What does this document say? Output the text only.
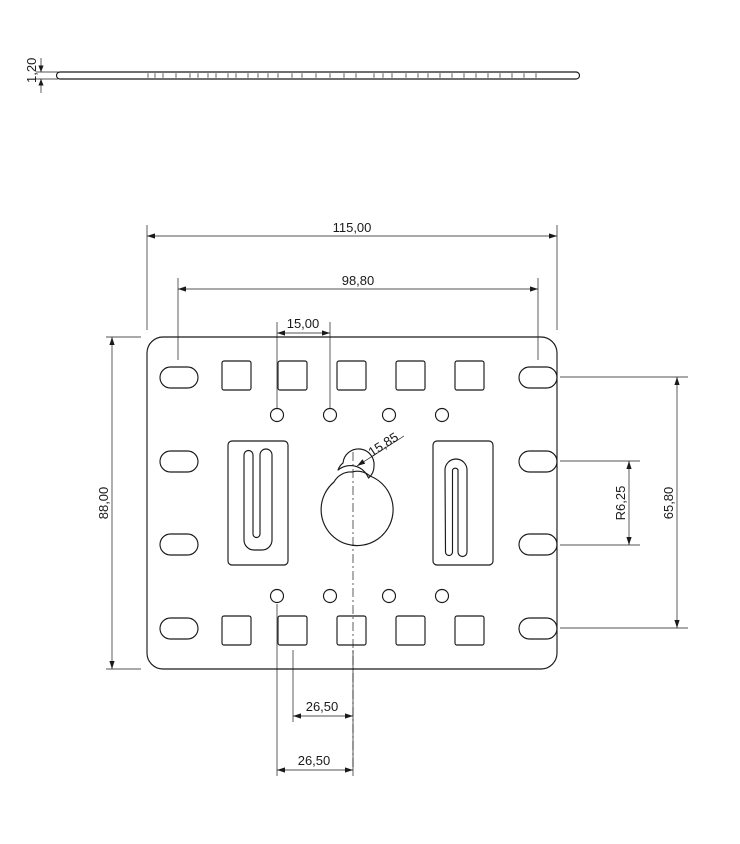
1,20
115,00
98,80
15,00
88,00	65,80
R6,25
15,85
26,50
26,50
